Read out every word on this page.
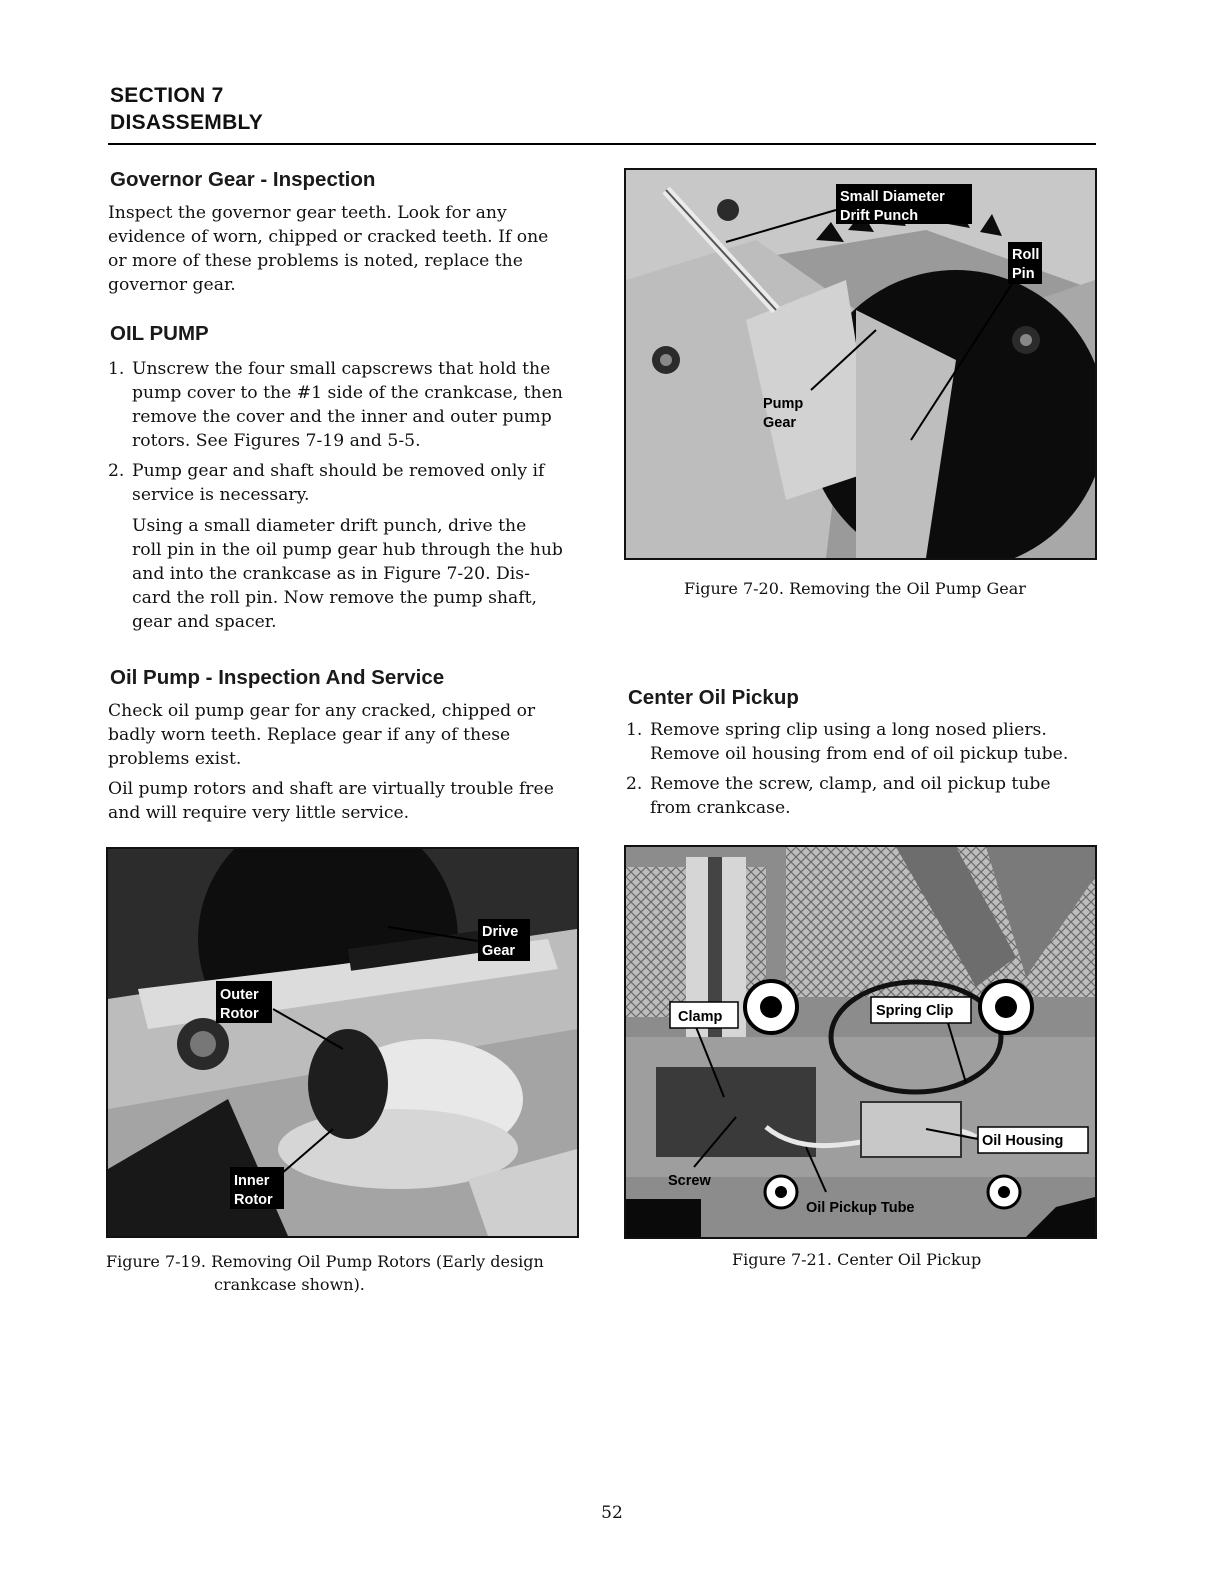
SECTION 7
DISASSEMBLY
Governor Gear - Inspection

Inspect the governor gear teeth. Look for any
evidence of worn, chipped or cracked teeth. If one
or more of these problems is noted, replace the
governor gear.

OIL PUMP
1. Unscrew the four small capscrews that hold the
pump cover to the #1 side of the crankcase, then
remove the cover and the inner and outer pump
rotors. See Figures 7-19 and 5-5.
2. Pump gear and shaft should be removed only if
service is necessary.

Using a small diameter drift punch, drive the
roll pin in the oil pump gear hub through the hub
and into the crankcase as in Figure 7-20. Dis-
card the roll pin. Now remove the pump shaft,
gear and spacer.

Oil Pump - Inspection And Service

Check oil pump gear for any cracked, chipped or
badly worn teeth. Replace gear if any of these
problems exist.

Oil pump rotors and shaft are virtually trouble free
and will require very little service.

Center Oil Pickup
1. Remove spring clip using a long nosed pliers.
Remove oil housing from end of oil pickup tube.
2. Remove the screw, clamp, and oil pickup tube
from crankcase.
Small Diameter
Drift Punch
Roll
Pin
Pump
Gear
Figure 7-20. Removing the Oil Pump Gear
Drive
Gear
Outer
Rotor
Inner
Rotor
Figure 7-19. Removing Oil Pump Rotors (Early design
crankcase shown).
Clamp	Spring Clip
Oil Housing
Screw
Oil Pickup Tube
Figure 7-21. Center Oil Pickup
52
